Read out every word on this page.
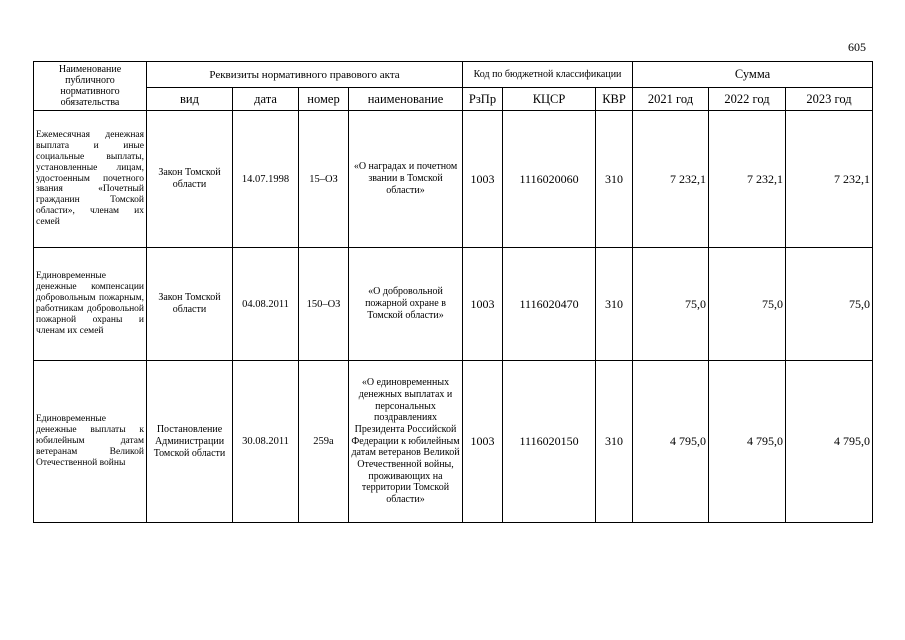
605
Наименование публичного нормативного обязательства	Реквизиты нормативного правового акта				Код по бюджетной классификации			Сумма		
	вид	дата	номер	наименование	РзПр	КЦСР	КВР	2021 год	2022 год	2023 год
Ежемесячная денежная выплата и иные социальные выплаты, установленные лицам, удостоенным почетного звания «Почетный гражданин Томской области», членам их семей	Закон Томской области	14.07.1998	15–ОЗ	«О наградах и почетном звании в Томской области»	1003	1116020060	310	7 232,1	7 232,1	7 232,1
Единовременные денежные компенсации добровольным пожарным, работникам добровольной пожарной охраны и членам их семей	Закон Томской области	04.08.2011	150–ОЗ	«О добровольной пожарной охране в Томской области»	1003	1116020470	310	75,0	75,0	75,0
Единовременные денежные выплаты к юбилейным датам ветеранам Великой Отечественной войны	Постановление Администрации Томской области	30.08.2011	259а	«О единовременных денежных выплатах и персональных поздравлениях Президента Российской Федерации к юбилейным датам ветеранов Великой Отечественной войны, проживающих на территории Томской области»	1003	1116020150	310	4 795,0	4 795,0	4 795,0
